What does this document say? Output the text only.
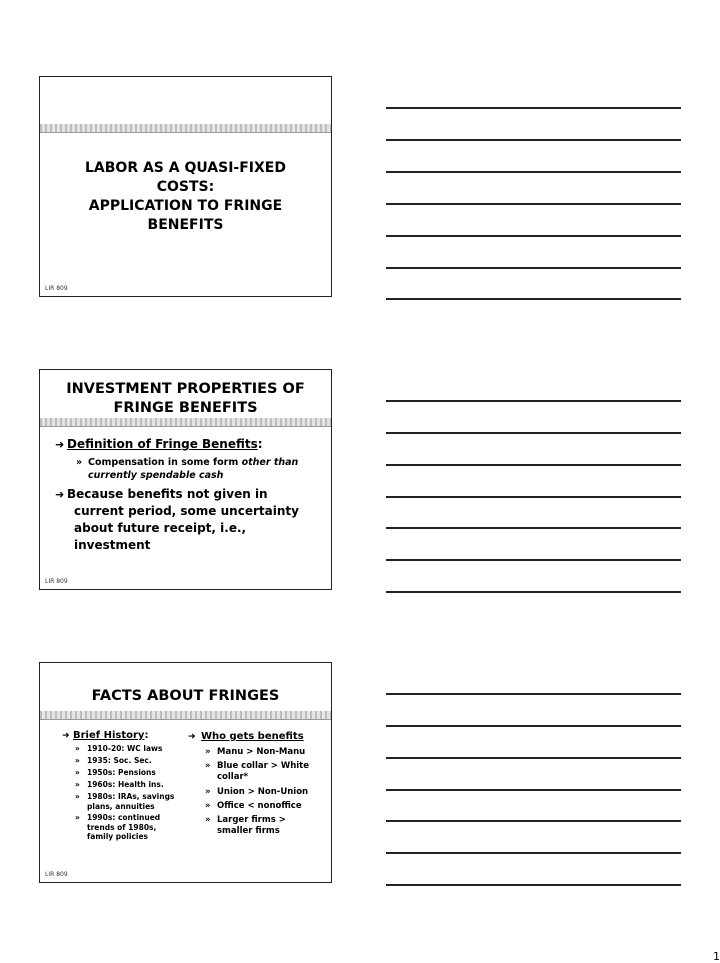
LABOR AS A QUASI-FIXED
COSTS:
APPLICATION TO FRINGE
BENEFITS
LIR 809
INVESTMENT PROPERTIES OF
FRINGE BENEFITS
➜ Definition of Fringe Benefits:
» Compensation in some form other than
currently spendable cash
➜ Because benefits not given in
current period, some uncertainty
about future receipt, i.e.,
investment
LIR 809
FACTS ABOUT FRINGES
➜ Brief History:
» 1910-20: WC laws
» 1935: Soc. Sec.
» 1950s: Pensions
» 1960s: Health ins.
» 1980s: IRAs, savings
plans, annuities
» 1990s: continued
trends of 1980s,
family policies
➜ Who gets benefits
» Manu > Non-Manu
» Blue collar > White
collar*
» Union > Non-Union
» Office < nonoffice
» Larger firms >
smaller firms
LIR 809
1
